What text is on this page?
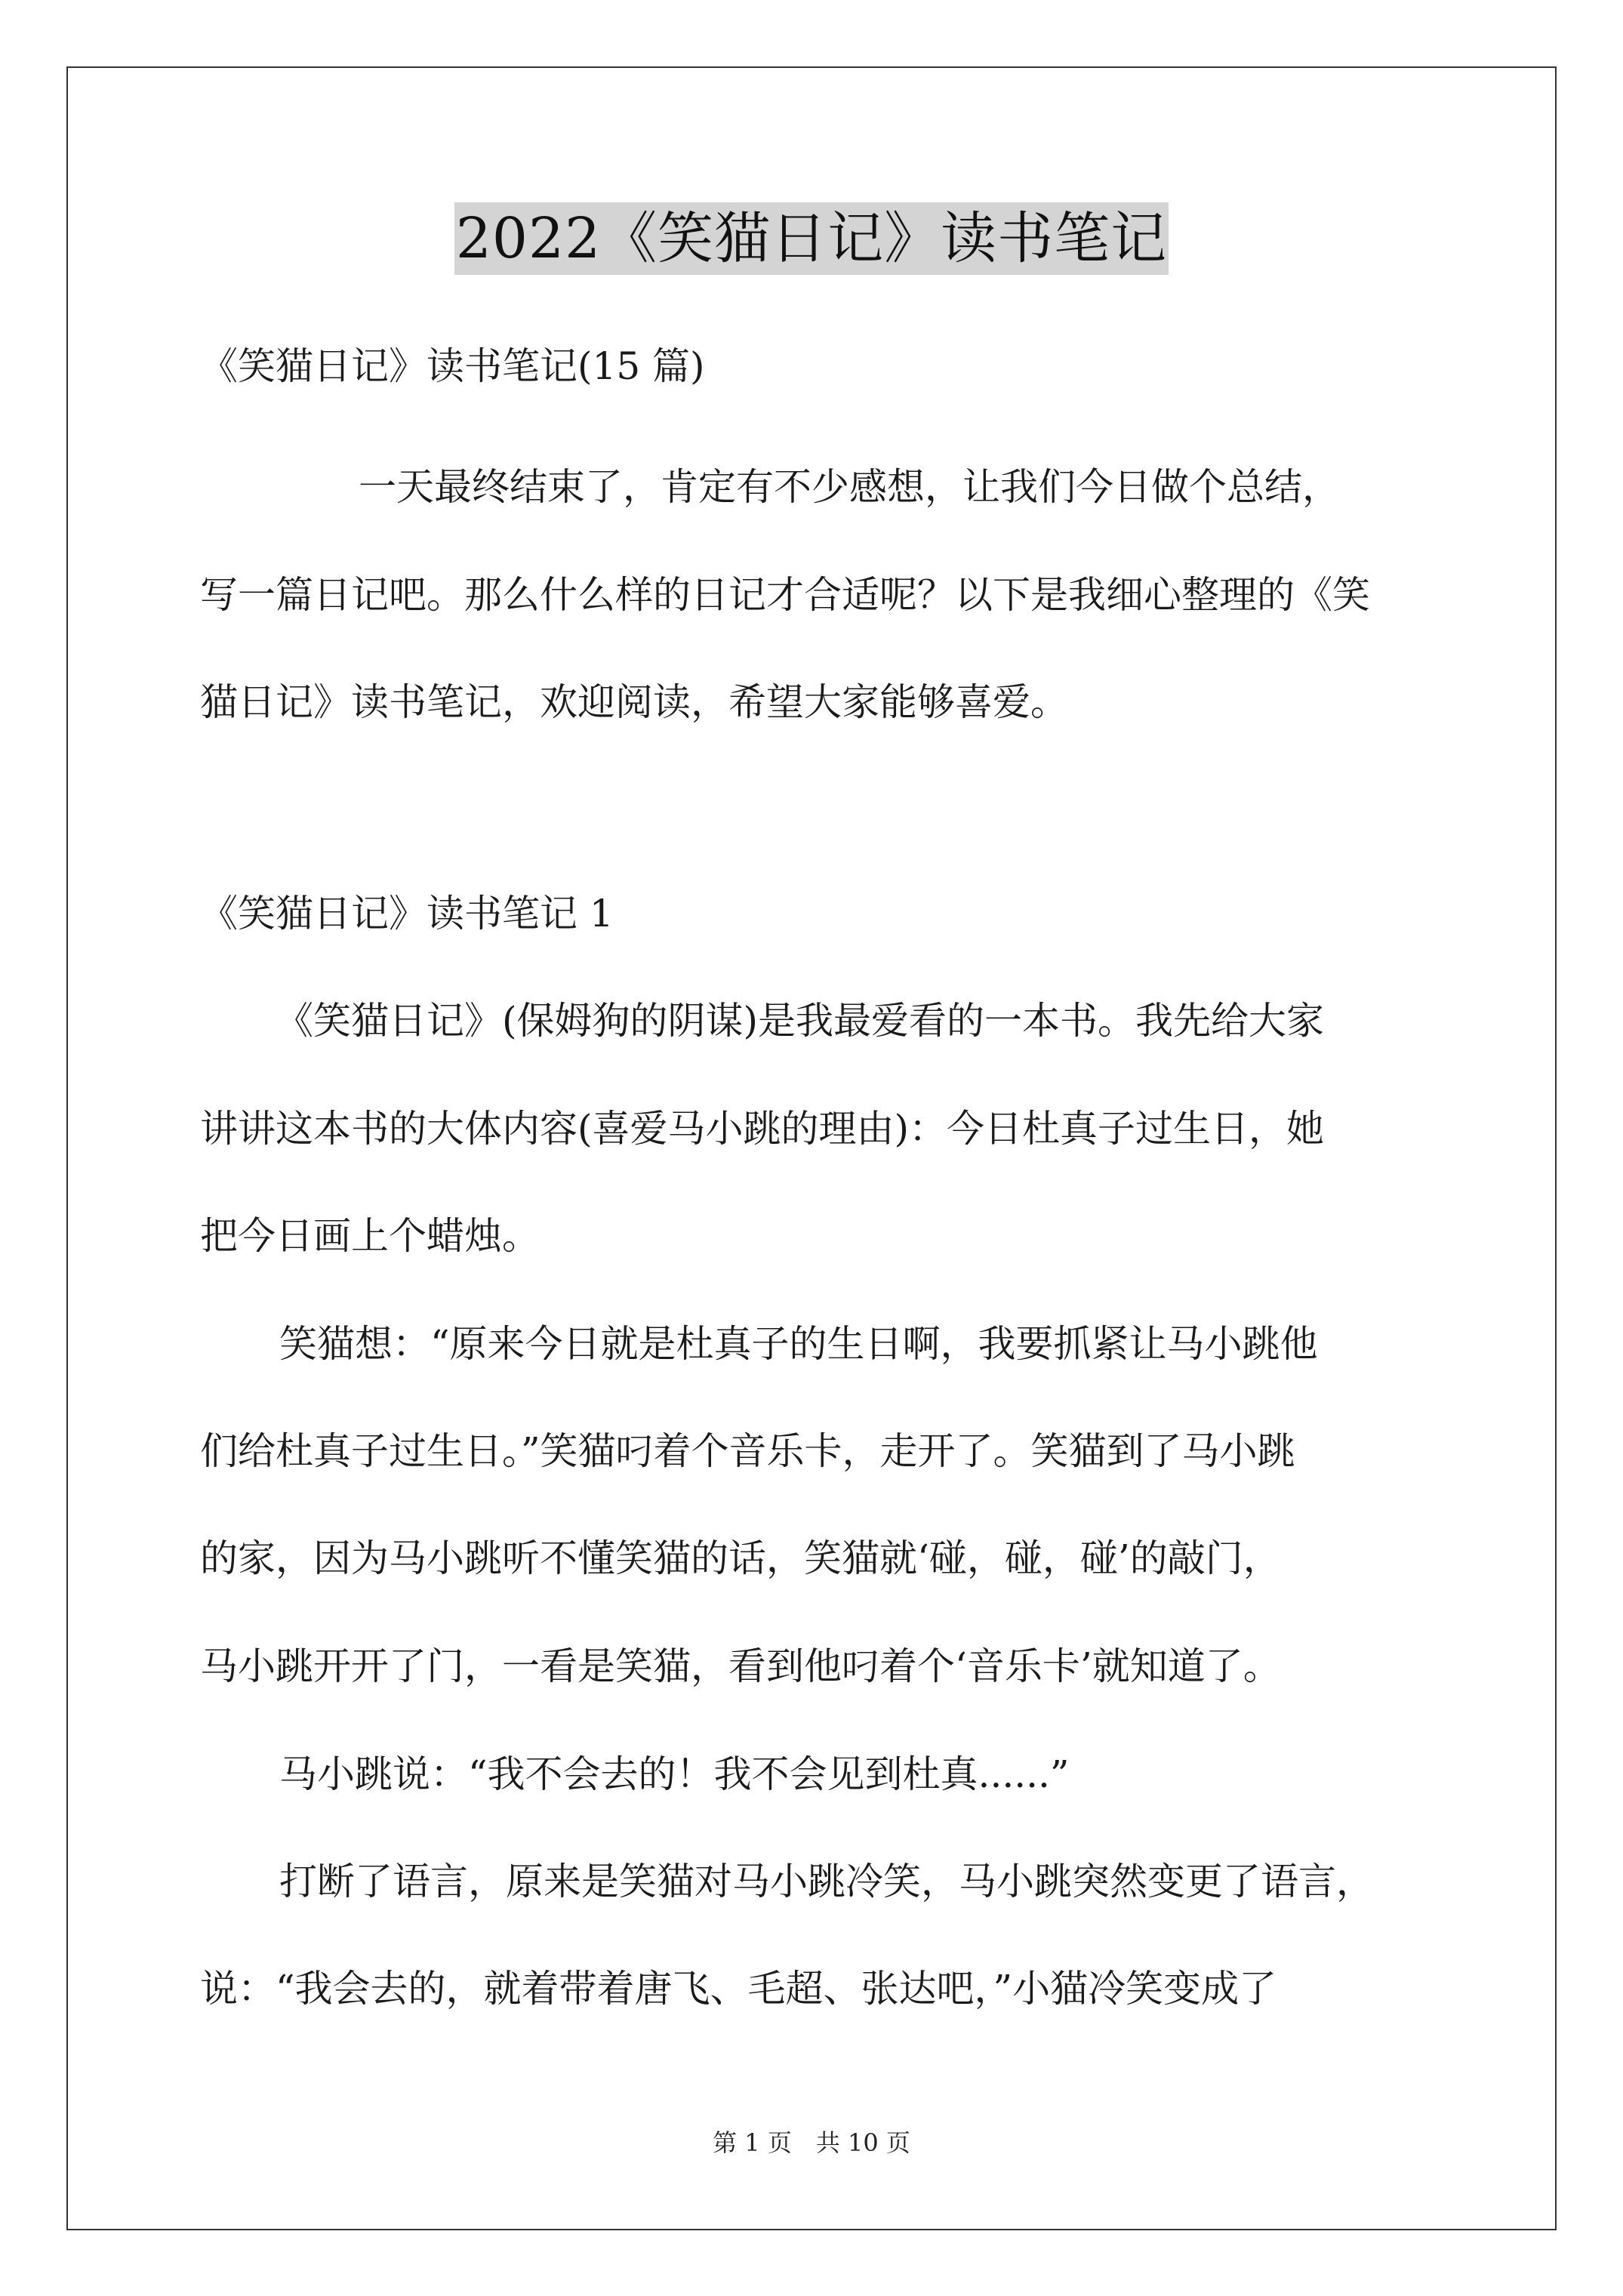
2022《笑猫日记》读书笔记

《笑猫日记》读书笔记(15 篇)

一天最终结束了，肯定有不少感想，让我们今日做个总结，

写一篇日记吧。那么什么样的日记才合适呢？以下是我细心整理的《笑

猫日记》读书笔记，欢迎阅读，希望大家能够喜爱。

《笑猫日记》读书笔记 1

《笑猫日记》(保姆狗的阴谋)是我最爱看的一本书。我先给大家

讲讲这本书的大体内容(喜爱马小跳的理由)：今日杜真子过生日，她

把今日画上个蜡烛。

笑猫想：“原来今日就是杜真子的生日啊，我要抓紧让马小跳他

们给杜真子过生日。”笑猫叼着个音乐卡，走开了。笑猫到了马小跳

的家，因为马小跳听不懂笑猫的话，笑猫就‘碰，碰，碰’的敲门，

马小跳开开了门，一看是笑猫，看到他叼着个‘音乐卡’就知道了。

马小跳说：“我不会去的！我不会见到杜真......”

打断了语言，原来是笑猫对马小跳冷笑，马小跳突然变更了语言，

说：“我会去的，就着带着唐飞、毛超、张达吧，”小猫冷笑变成了

第 1 页　共 10 页
